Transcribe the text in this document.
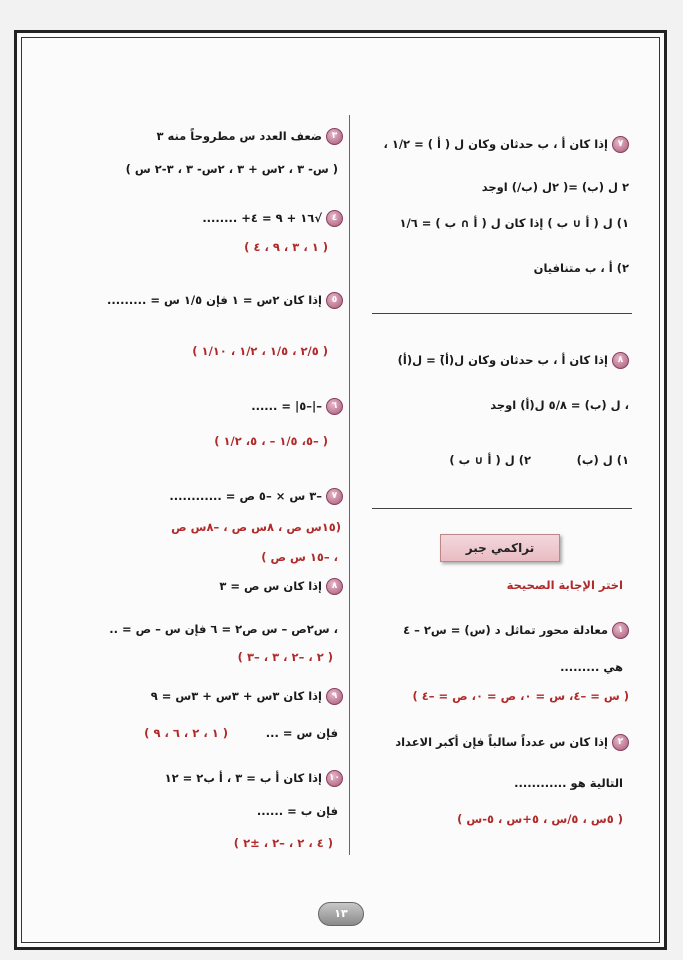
٧إذا كان أ ، ب حدثان وكان ل ( أ ) = ١/٢ ،
٢ ل (ب) =( ٢ل (ب/) اوجد
١) ل ( أ ∪ ب ) إذا كان ل ( أ ∩ ب ) = ١/٦
٢) أ ، ب متنافيان
٨إذا كان أ ، ب حدثان وكان ل(أ̄) = ل(أ)
، ل (ب) = ٥/٨ ل(أ) اوجد
١) ل (ب)
٢) ل ( أ ∪ ب )
تراكمي جبر
اختر الإجابة الصحيحة
١معادلة محور تماثل د (س) = س٢ – ٤
هي .........
( س = –٤، س = ٠، ص = ٠، ص = –٤ )
٢إذا كان س عدداً سالباً فإن أكبر الاعداد
التالية هو ............
( ٥س ، ٥/س ، ٥+س ، ٥-س )
٣ضعف العدد س مطروحاً منه ٣
( س- ٣ ، ٢س + ٣ ، ٢س- ٣ ، ٣-٢ س )
٤√١٦ + ٩ = ٤+ ........
( ١ ، ٣ ، ٩ ، ٤ )
٥إذا كان ٢س = ١ فإن ١/٥ س = .........
( ٢/٥ ، ١/٥ ، ١/٢ ، ١/١٠ )
٦–|–٥| = ......
( –٥، ١/٥ – ، ٥، ١/٢ )
٧–٣ س × –٥ ص = ............
(١٥س ص ، ٨س ص ، –٨س ص
، –١٥ س ص )
٨إذا كان س ص = ٣
، س٢ص – س ص٢ = ٦ فإن س – ص = ..
( ٢ ، –٢ ، ٣ ، –٣ )
٩إذا كان ٣س + ٣س + ٣س = ٩
فإن س = ...
( ١ ، ٢ ، ٦ ، ٩ )
١٠إذا كان أ ب = ٣ ، أ ب٢ = ١٢
فإن ب = ......
( ٤ ، ٢ ، –٢ ، ±٢ )
١٣
